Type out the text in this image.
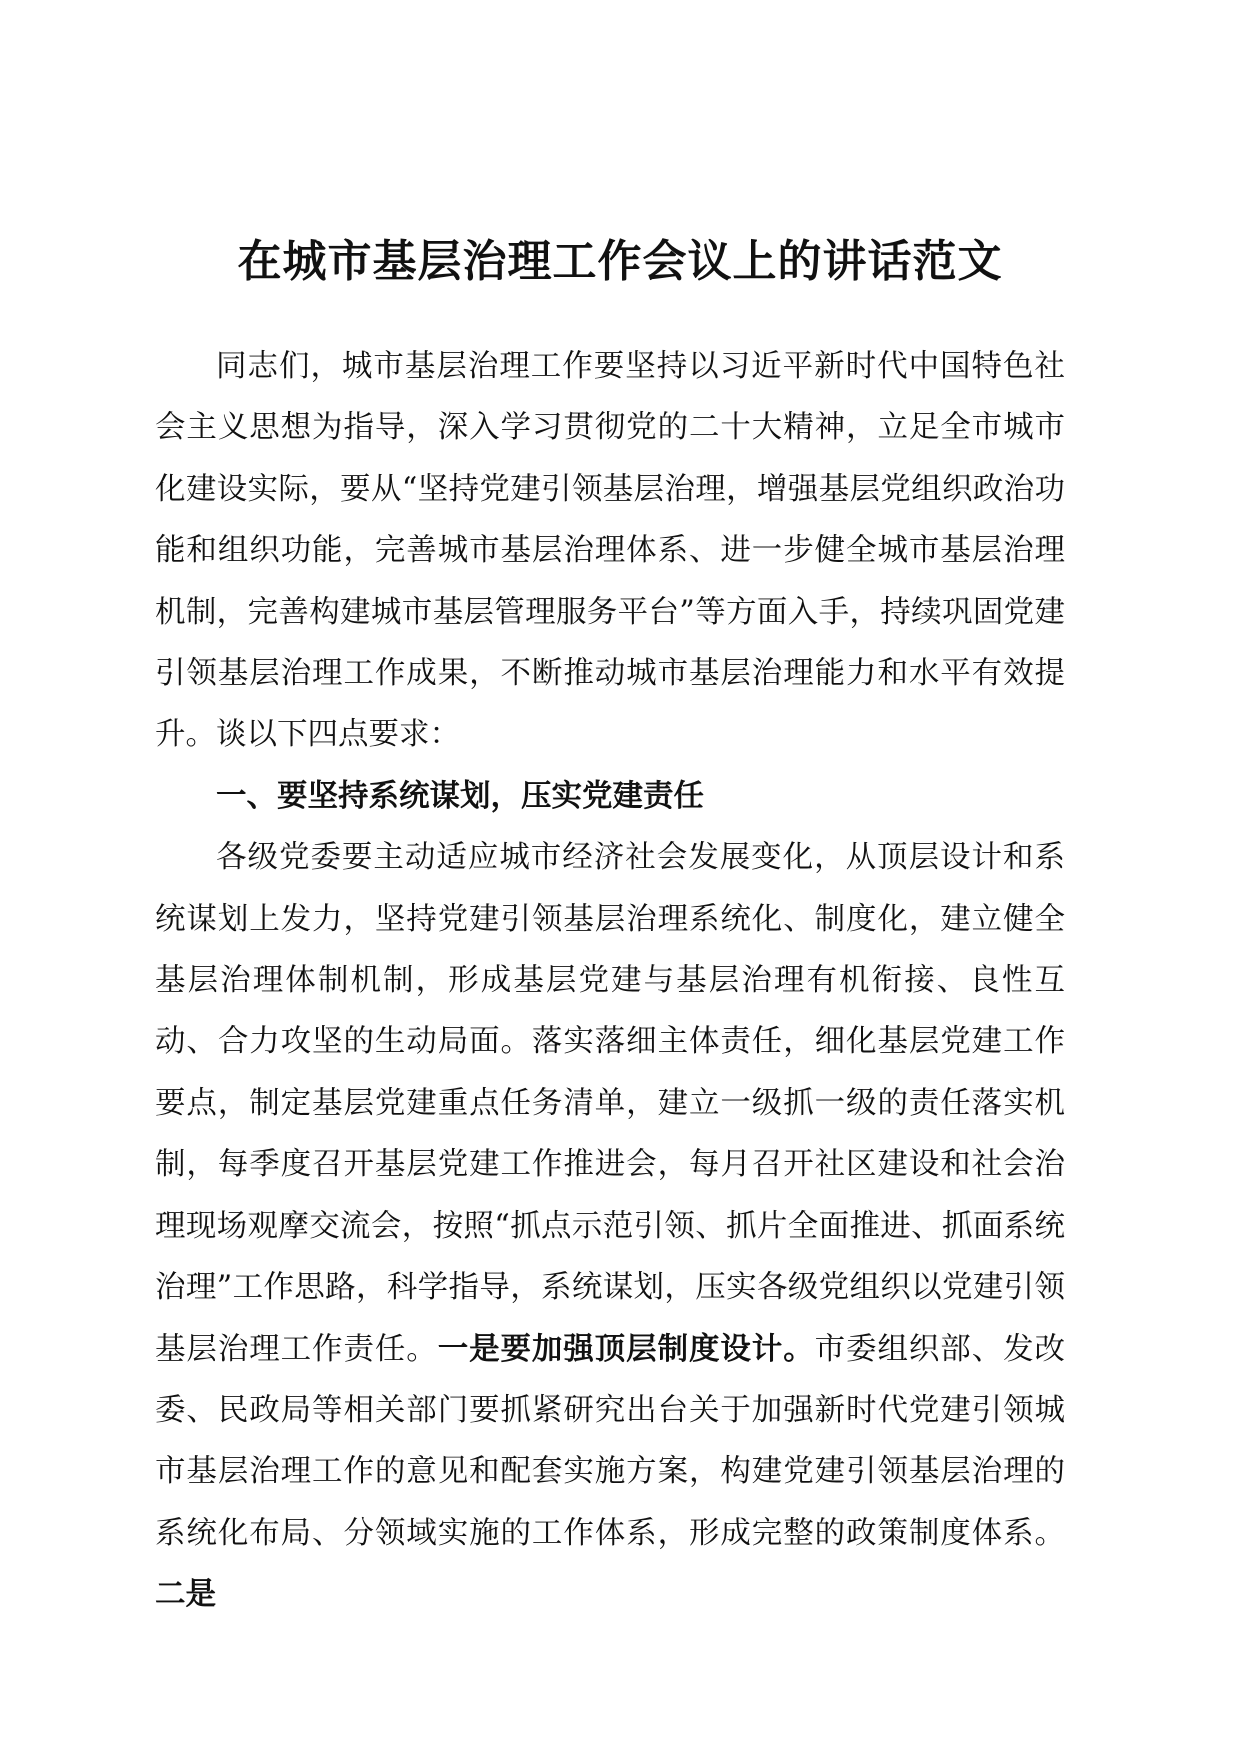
在城市基层治理工作会议上的讲话范文

同志们，城市基层治理工作要坚持以习近平新时代中国特色社会主义思想为指导，深入学习贯彻党的二十大精神，立足全市城市化建设实际，要从“坚持党建引领基层治理，增强基层党组织政治功能和组织功能，完善城市基层治理体系、进一步健全城市基层治理机制，完善构建城市基层管理服务平台”等方面入手，持续巩固党建引领基层治理工作成果，不断推动城市基层治理能力和水平有效提升。谈以下四点要求：

一、要坚持系统谋划，压实党建责任

各级党委要主动适应城市经济社会发展变化，从顶层设计和系统谋划上发力，坚持党建引领基层治理系统化、制度化，建立健全基层治理体制机制，形成基层党建与基层治理有机衔接、良性互动、合力攻坚的生动局面。落实落细主体责任，细化基层党建工作要点，制定基层党建重点任务清单，建立一级抓一级的责任落实机制，每季度召开基层党建工作推进会，每月召开社区建设和社会治理现场观摩交流会，按照“抓点示范引领、抓片全面推进、抓面系统治理”工作思路，科学指导，系统谋划，压实各级党组织以党建引领基层治理工作责任。一是要加强顶层制度设计。市委组织部、发改委、民政局等相关部门要抓紧研究出台关于加强新时代党建引领城市基层治理工作的意见和配套实施方案，构建党建引领基层治理的系统化布局、分领域实施的工作体系，形成完整的政策制度体系。二是
